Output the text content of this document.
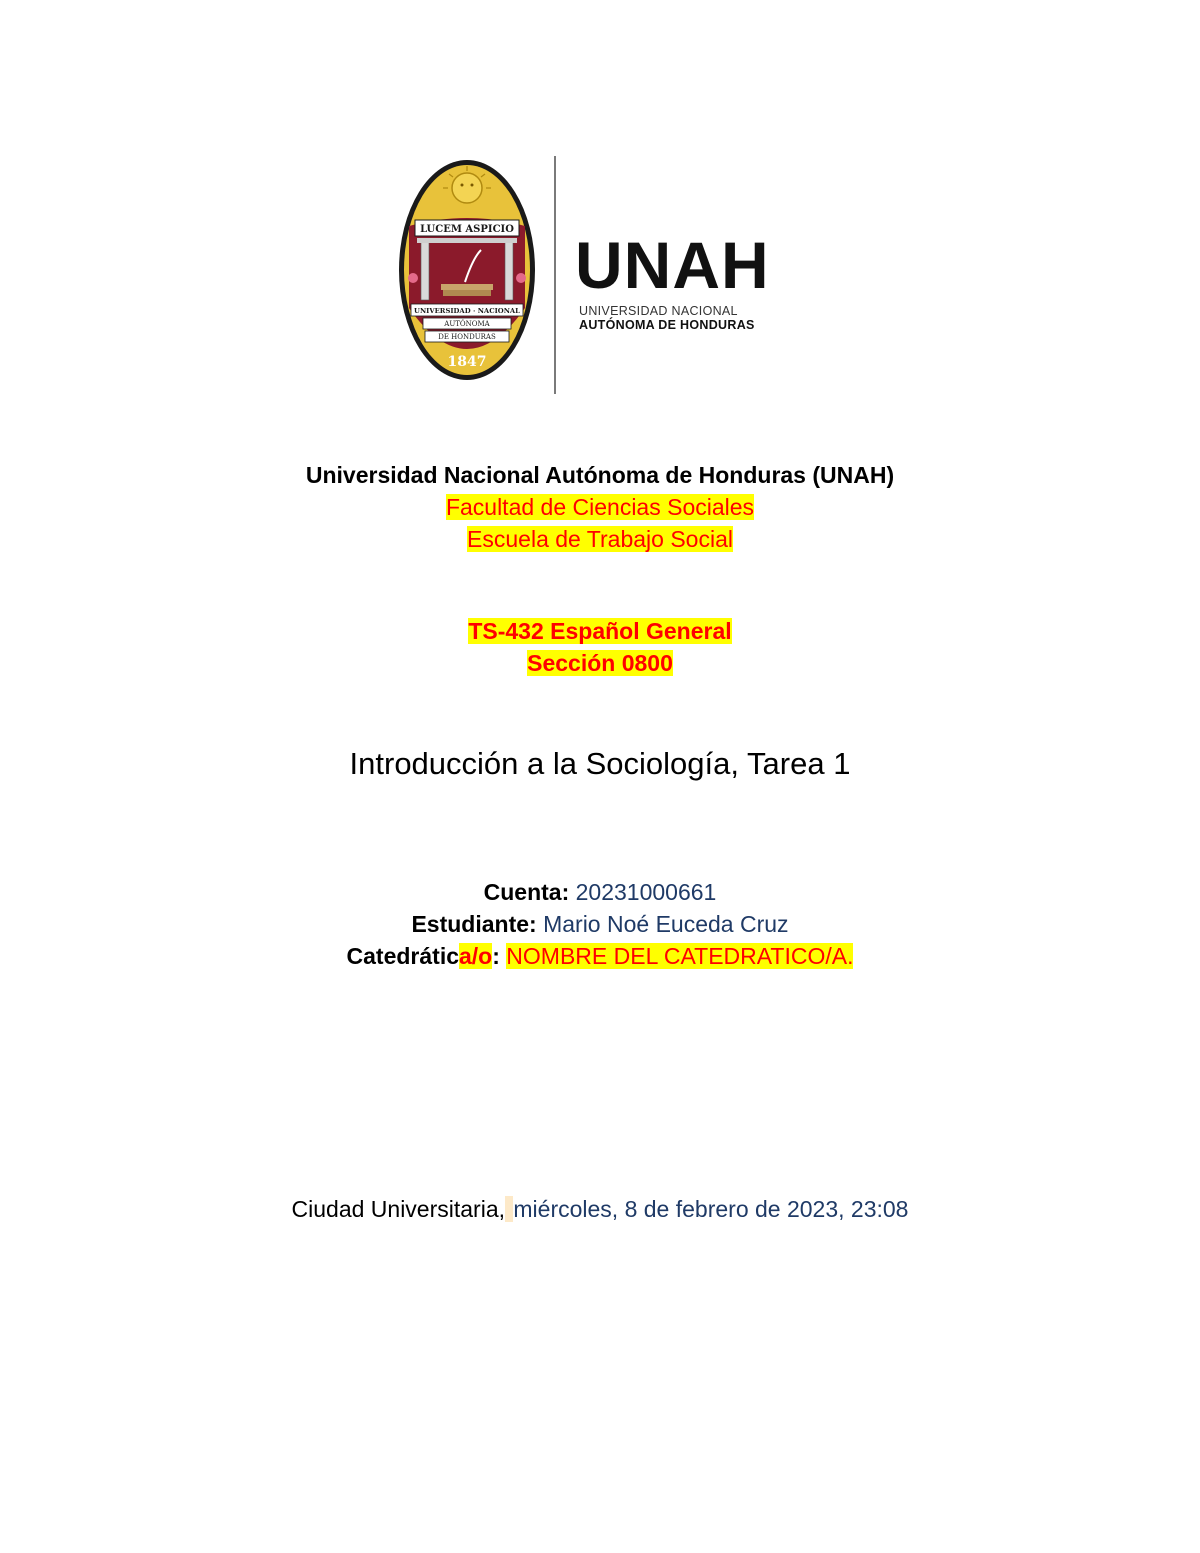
LUCEM ASPICIO
UNIVERSIDAD · NACIONAL
AUTÓNOMA
DE HONDURAS
1847
UNAH
UNIVERSIDAD NACIONAL
AUTÓNOMA DE HONDURAS
Universidad Nacional Autónoma de Honduras (UNAH)
Facultad de Ciencias Sociales
Escuela de Trabajo Social
TS-432 Español General
Sección 0800
Introducción a la Sociología, Tarea 1
Cuenta: 20231000661
Estudiante: Mario Noé Euceda Cruz
Catedrática/o: NOMBRE DEL CATEDRATICO/A.
Ciudad Universitaria, miércoles, 8 de febrero de 2023, 23:08
